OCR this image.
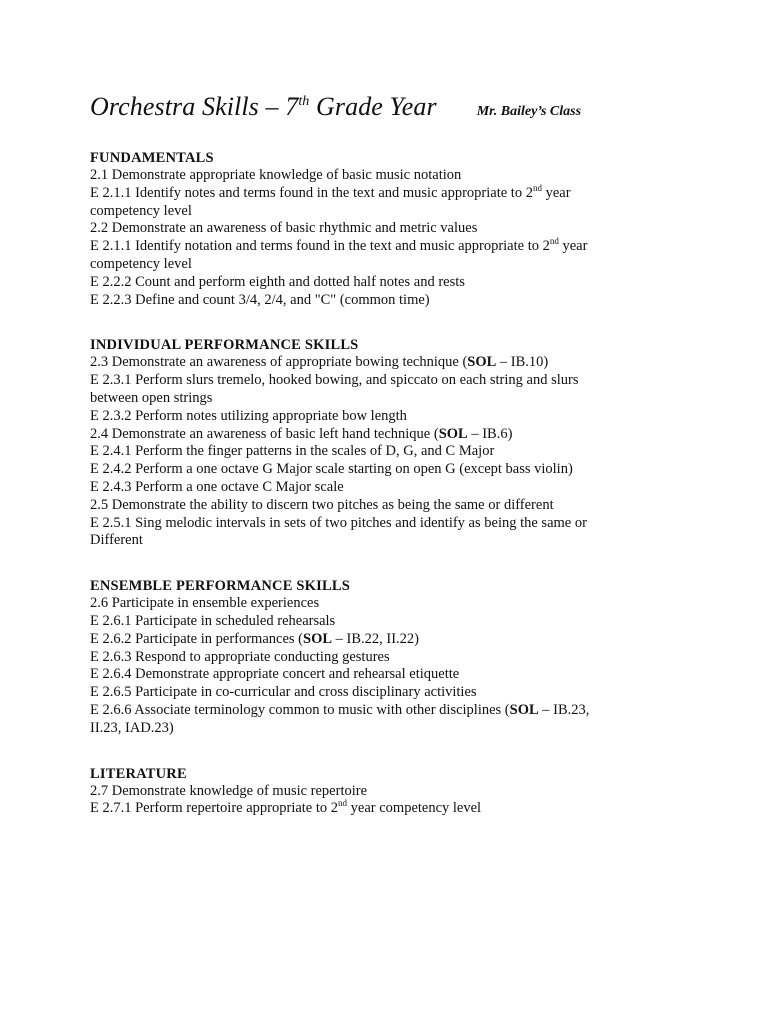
Orchestra Skills – 7th Grade Year	Mr. Bailey’s Class
FUNDAMENTALS
2.1 Demonstrate appropriate knowledge of basic music notation
E 2.1.1 Identify notes and terms found in the text and music appropriate to 2nd year competency level
2.2 Demonstrate an awareness of basic rhythmic and metric values
E 2.1.1 Identify notation and terms found in the text and music appropriate to 2nd year competency level
E 2.2.2 Count and perform eighth and dotted half notes and rests
E 2.2.3 Define and count 3/4, 2/4, and "C" (common time)
INDIVIDUAL PERFORMANCE SKILLS
2.3 Demonstrate an awareness of appropriate bowing technique (SOL – IB.10)
E 2.3.1 Perform slurs tremelo, hooked bowing, and spiccato on each string and slurs between open strings
E 2.3.2 Perform notes utilizing appropriate bow length
2.4 Demonstrate an awareness of basic left hand technique (SOL – IB.6)
E 2.4.1 Perform the finger patterns in the scales of D, G, and C Major
E 2.4.2 Perform a one octave G Major scale starting on open G (except bass violin)
E 2.4.3 Perform a one octave C Major scale
2.5 Demonstrate the ability to discern two pitches as being the same or different
E 2.5.1 Sing melodic intervals in sets of two pitches and identify as being the same or Different
ENSEMBLE PERFORMANCE SKILLS
2.6 Participate in ensemble experiences
E 2.6.1 Participate in scheduled rehearsals
E 2.6.2 Participate in performances (SOL – IB.22, II.22)
E 2.6.3 Respond to appropriate conducting gestures
E 2.6.4 Demonstrate appropriate concert and rehearsal etiquette
E 2.6.5 Participate in co-curricular and cross disciplinary activities
E 2.6.6 Associate terminology common to music with other disciplines (SOL – IB.23, II.23, IAD.23)
LITERATURE
2.7 Demonstrate knowledge of music repertoire
E 2.7.1 Perform repertoire appropriate to 2nd year competency level
